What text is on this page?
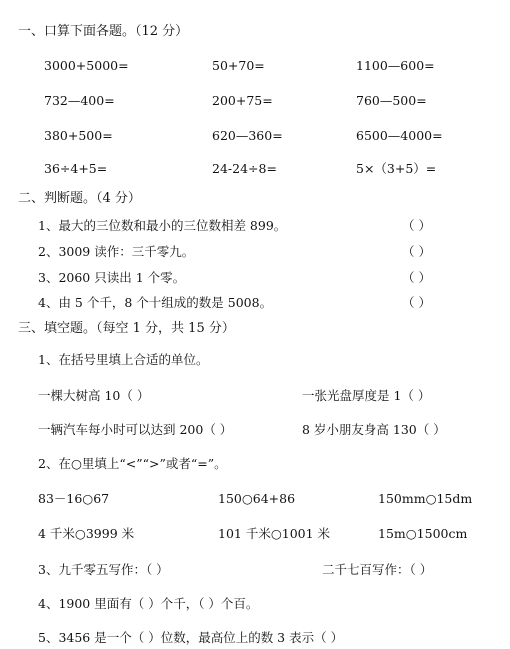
一、口算下面各题。（12 分）
3000+5000=	50+70=	1100—600=
732—400=	200+75=	760—500=
380+500=	620—360=	6500—4000=
36÷4+5=	24-24÷8=	5×（3+5）=
二、判断题。（4 分）
1、最大的三位数和最小的三位数相差 899。	（ ）
2、3009 读作：三千零九。	（ ）
3、2060 只读出 1 个零。	（ ）
4、由 5 个千，8 个十组成的数是 5008。	（ ）
三、填空题。（每空 1 分，共 15 分）
1、在括号里填上合适的单位。
一棵大树高 10（ ）	一张光盘厚度是 1（ ）
一辆汽车每小时可以达到 200（ ）	8 岁小朋友身高 130（ ）
2、在○里填上“<”“>”或者“=”。
83－16○67	150○64+86	150mm○15dm
4 千米○3999 米	101 千米○1001 米	15m○1500cm
3、九千零五写作：（ ）	二千七百写作：（ ）
4、1900 里面有（ ）个千，（ ）个百。
5、3456 是一个（ ）位数，最高位上的数 3 表示（ ）
